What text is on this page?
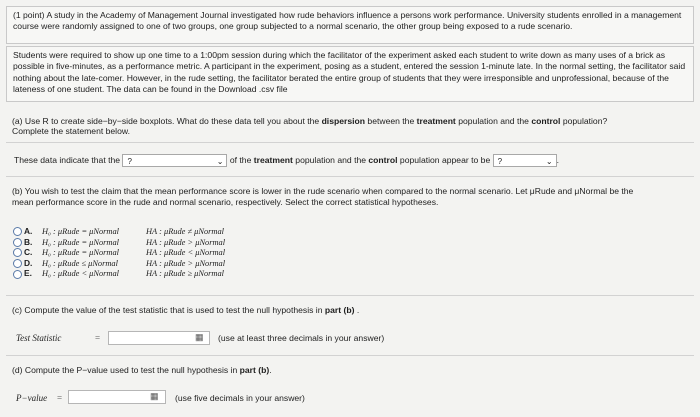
(1 point) A study in the Academy of Management Journal investigated how rude behaviors influence a persons work performance. University students enrolled in a management course were randomly assigned to one of two groups, one group subjected to a normal scenario, the other group being exposed to a rude scenario.

Students were required to show up one time to a 1:00pm session during which the facilitator of the experiment asked each student to write down as many uses of a brick as possible in five-minutes, as a performance metric. A participant in the experiment, posing as a student, entered the session 1-minute late. In the normal setting, the facilitator said nothing about the late-comer. However, in the rude setting, the facilitator berated the entire group of students that they were irresponsible and unprofessional, because of the lateness of one student. The data can be found in the Download .csv file

(a) Use R to create side−by−side boxplots. What do these data tell you about the dispersion between the treatment population and the control population?
Complete the statement below.
These data indicate that the ?	⌄ of the treatment population and the control population appear to be ?	⌄ .
(b) You wish to test the claim that the mean performance score is lower in the rude scenario when compared to the normal scenario. Let μRude and μNormal be the
mean performance score in the rude and normal scenario, respectively. Select the correct statistical hypotheses.
A. H₀ : μRude = μNormal	HA : μRude ≠ μNormal
B. H₀ : μRude = μNormal	HA : μRude > μNormal
C. H₀ : μRude = μNormal	HA : μRude < μNormal
D. H₀ : μRude ≤ μNormal	HA : μRude > μNormal
E. H₀ : μRude < μNormal	HA : μRude ≥ μNormal
(c) Compute the value of the test statistic that is used to test the null hypothesis in part (b) .
Test Statistic	=	▦ (use at least three decimals in your answer)
(d) Compute the P−value used to test the null hypothesis in part (b).
P−value =	▦ (use five decimals in your answer)
